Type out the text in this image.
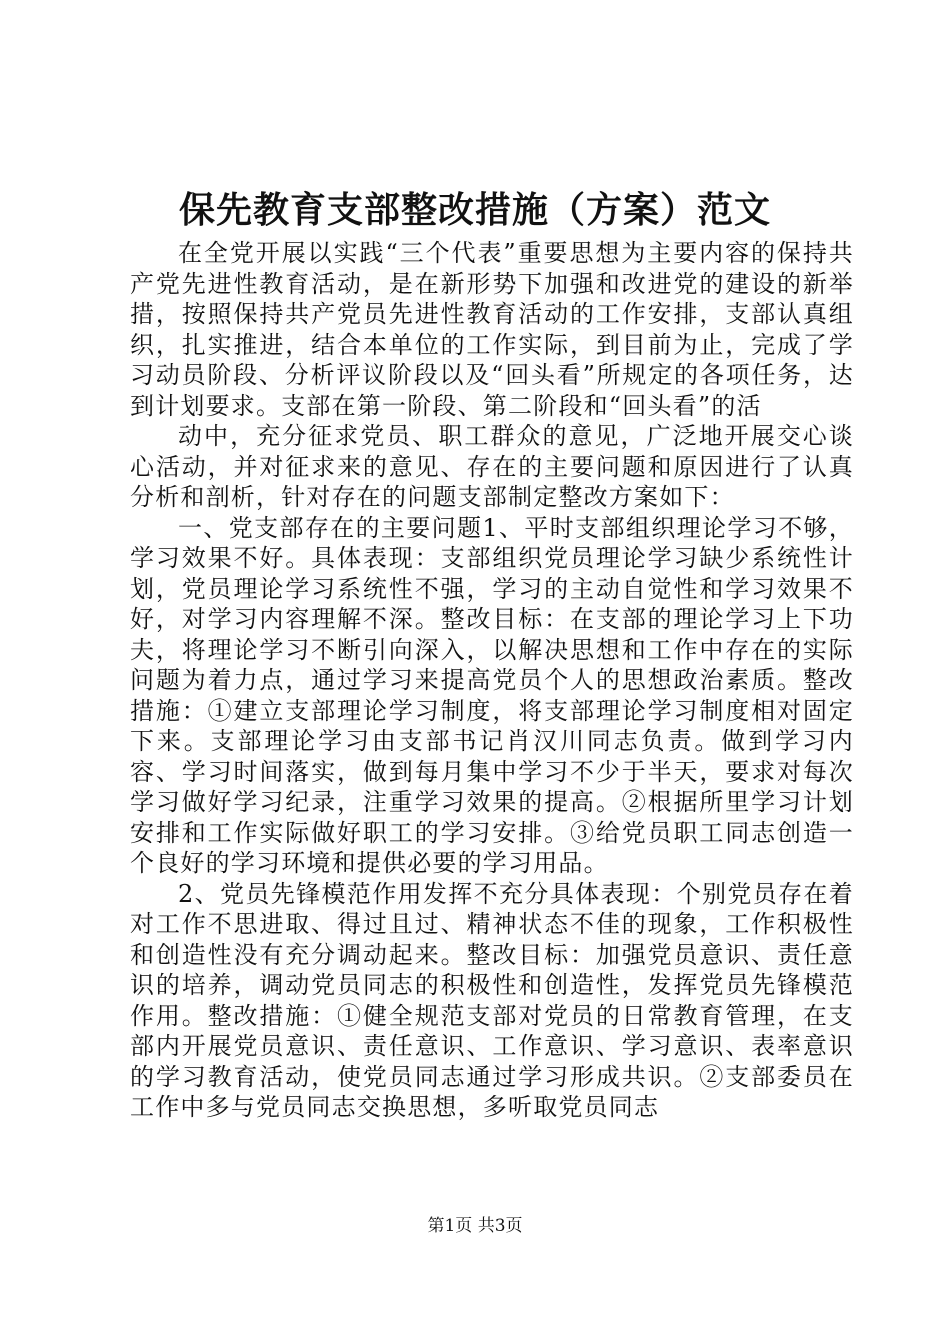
保先教育支部整改措施（方案）范文

在全党开展以实践“三个代表”重要思想为主要内容的保持共产党先进性教育活动，是在新形势下加强和改进党的建设的新举措，按照保持共产党员先进性教育活动的工作安排，支部认真组织，扎实推进，结合本单位的工作实际，到目前为止，完成了学习动员阶段、分析评议阶段以及“回头看”所规定的各项任务，达到计划要求。支部在第一阶段、第二阶段和“回头看”的活

动中，充分征求党员、职工群众的意见，广泛地开展交心谈心活动，并对征求来的意见、存在的主要问题和原因进行了认真分析和剖析，针对存在的问题支部制定整改方案如下：

一、党支部存在的主要问题1、平时支部组织理论学习不够，学习效果不好。具体表现：支部组织党员理论学习缺少系统性计划，党员理论学习系统性不强，学习的主动自觉性和学习效果不好，对学习内容理解不深。整改目标：在支部的理论学习上下功夫，将理论学习不断引向深入，以解决思想和工作中存在的实际问题为着力点，通过学习来提高党员个人的思想政治素质。整改措施：①建立支部理论学习制度，将支部理论学习制度相对固定下来。支部理论学习由支部书记肖汉川同志负责。做到学习内容、学习时间落实，做到每月集中学习不少于半天，要求对每次学习做好学习纪录，注重学习效果的提高。②根据所里学习计划安排和工作实际做好职工的学习安排。③给党员职工同志创造一个良好的学习环境和提供必要的学习用品。

2、党员先锋模范作用发挥不充分具体表现：个别党员存在着对工作不思进取、得过且过、精神状态不佳的现象，工作积极性和创造性没有充分调动起来。整改目标：加强党员意识、责任意识的培养，调动党员同志的积极性和创造性，发挥党员先锋模范作用。整改措施：①健全规范支部对党员的日常教育管理，在支部内开展党员意识、责任意识、工作意识、学习意识、表率意识的学习教育活动，使党员同志通过学习形成共识。②支部委员在工作中多与党员同志交换思想，多听取党员同志

第1页 共3页
